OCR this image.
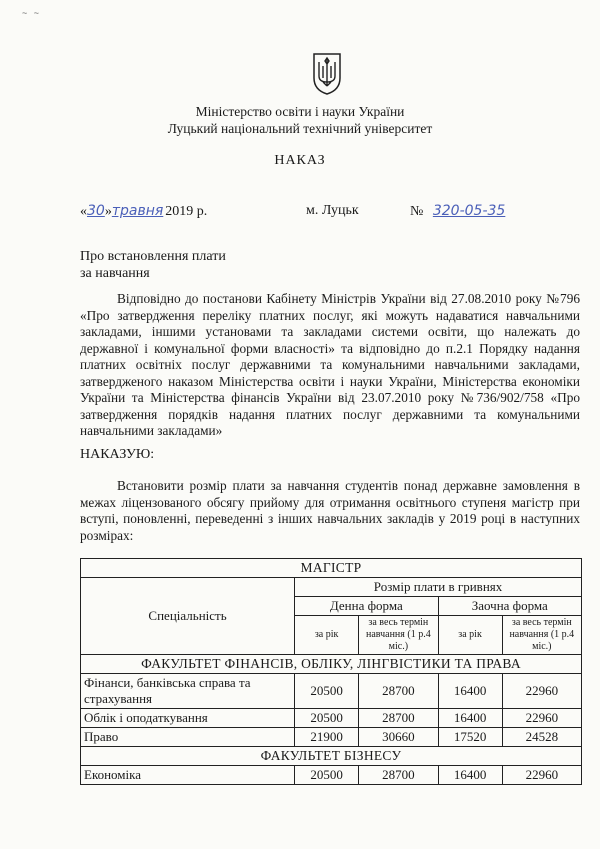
~ ~
Міністерство освіти і науки України
Луцький національний технічний університет
НАКАЗ
«30»травня 2019 р.	м. Луцьк	№ 320-05-35
Про встановлення плати
за навчання
Відповідно до постанови Кабінету Міністрів України від 27.08.2010 року №796 «Про затвердження переліку платних послуг, які можуть надаватися навчальними закладами, іншими установами та закладами системи освіти, що належать до державної і комунальної форми власності» та відповідно до п.2.1 Порядку надання платних освітніх послуг державними та комунальними навчальними закладами, затвердженого наказом Міністерства освіти і науки України, Міністерства економіки України та Міністерства фінансів України від 23.07.2010 року №736/902/758 «Про затвердження порядків надання платних послуг державними та комунальними навчальними закладами»
НАКАЗУЮ:
Встановити розмір плати за навчання студентів понад державне замовлення в межах ліцензованого обсягу прийому для отримання освітнього ступеня магістр при вступі, поновленні, переведенні з інших навчальних закладів у 2019 році в наступних розмірах:
МАГІСТР				
Спеціальність	Розмір плати в гривнях			
	Денна форма		Заочна форма	
	за рік	за весь термін навчання (1 р.4 міс.)	за рік	за весь термін навчання (1 р.4 міс.)
ФАКУЛЬТЕТ ФІНАНСІВ, ОБЛІКУ, ЛІНГВІСТИКИ ТА ПРАВА				
Фінанси, банківська справа та страхування	20500	28700	16400	22960
Облік і оподаткування	20500	28700	16400	22960
Право	21900	30660	17520	24528
ФАКУЛЬТЕТ БІЗНЕСУ				
Економіка	20500	28700	16400	22960
